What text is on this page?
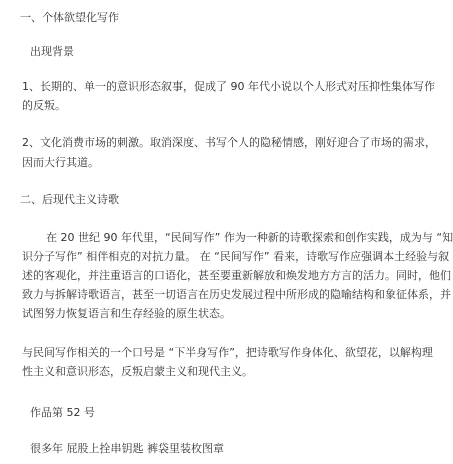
一、个体欲望化写作
出现背景
1、长期的、单一的意识形态叙事，促成了 90 年代小说以个人形式对压抑性集体写作
的反叛。
2、文化消费市场的刺激。取消深度、书写个人的隐秘情感，刚好迎合了市场的需求，
因而大行其道。
二、后现代主义诗歌
在 20 世纪 90 年代里，“民间写作” 作为一种新的诗歌探索和创作实践，成为与 “知
识分子写作” 相伴相克的对抗力量。 在 “民间写作” 看来，诗歌写作应强调本土经验与叙
述的客观化，并注重语言的口语化，甚至要重新解放和焕发地方方言的活力。同时，他们
致力与拆解诗歌语言，甚至一切语言在历史发展过程中所形成的隐喻结构和象征体系，并
试图努力恢复语言和生存经验的原生状态。
与民间写作相关的一个口号是 “下半身写作”，把诗歌写作身体化、欲望花，以解构理
性主义和意识形态，反叛启蒙主义和现代主义。
作品第 52 号
很多年 屁股上拴串钥匙 裤袋里装枚图章
